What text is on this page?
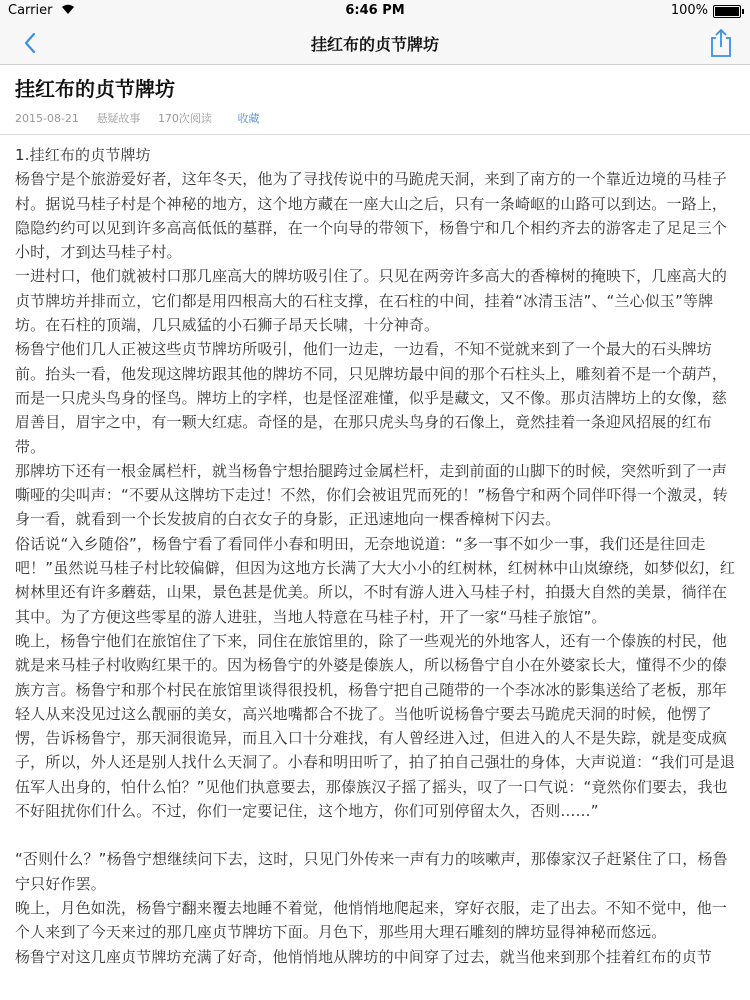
Carrier	6:46 PM	100%
挂红布的贞节牌坊
挂红布的贞节牌坊
2015-08-21 悬疑故事 170次阅读 收藏

1.挂红布的贞节牌坊

杨鲁宁是个旅游爱好者，这年冬天，他为了寻找传说中的马跪虎天洞，来到了南方的一个靠近边境的马桂子村。据说马桂子村是个神秘的地方，这个地方藏在一座大山之后，只有一条崎岖的山路可以到达。一路上，隐隐约约可以见到许多高高低低的墓群，在一个向导的带领下，杨鲁宁和几个相约齐去的游客走了足足三个小时，才到达马桂子村。

一进村口，他们就被村口那几座高大的牌坊吸引住了。只见在两旁许多高大的香樟树的掩映下，几座高大的贞节牌坊并排而立，它们都是用四根高大的石柱支撑，在石柱的中间，挂着“冰清玉洁”、“兰心似玉”等牌坊。在石柱的顶端，几只威猛的小石狮子昂天长啸，十分神奇。

杨鲁宁他们几人正被这些贞节牌坊所吸引，他们一边走，一边看，不知不觉就来到了一个最大的石头牌坊前。抬头一看，他发现这牌坊跟其他的牌坊不同，只见牌坊最中间的那个石柱头上，雕刻着不是一个葫芦，而是一只虎头鸟身的怪鸟。牌坊上的字样，也是怪涩难懂，似乎是藏文，又不像。那贞洁牌坊上的女像，慈眉善目，眉宇之中，有一颗大红痣。奇怪的是，在那只虎头鸟身的石像上，竟然挂着一条迎风招展的红布带。

那牌坊下还有一根金属栏杆，就当杨鲁宁想抬腿跨过金属栏杆，走到前面的山脚下的时候，突然听到了一声嘶哑的尖叫声：“不要从这牌坊下走过！不然，你们会被诅咒而死的！”杨鲁宁和两个同伴吓得一个激灵，转身一看，就看到一个长发披肩的白衣女子的身影，正迅速地向一棵香樟树下闪去。

俗话说“入乡随俗”，杨鲁宁看了看同伴小春和明田，无奈地说道：“多一事不如少一事，我们还是往回走吧！”虽然说马桂子村比较偏僻，但因为这地方长满了大大小小的红树林，红树林中山岚缭绕，如梦似幻，红树林里还有许多蘑菇，山果，景色甚是优美。所以，不时有游人进入马桂子村，拍摄大自然的美景，徜徉在其中。为了方便这些零星的游人进驻，当地人特意在马桂子村，开了一家“马桂子旅馆”。

晚上，杨鲁宁他们在旅馆住了下来，同住在旅馆里的，除了一些观光的外地客人，还有一个傣族的村民，他就是来马桂子村收购红果干的。因为杨鲁宁的外婆是傣族人，所以杨鲁宁自小在外婆家长大，懂得不少的傣族方言。杨鲁宁和那个村民在旅馆里谈得很投机，杨鲁宁把自己随带的一个李冰冰的影集送给了老板，那年轻人从来没见过这么靓丽的美女，高兴地嘴都合不拢了。当他听说杨鲁宁要去马跪虎天洞的时候，他愣了愣，告诉杨鲁宁，那天洞很诡异，而且入口十分难找，有人曾经进入过，但进入的人不是失踪，就是变成疯子，所以，外人还是别人找什么天洞了。小春和明田听了，拍了拍自己强壮的身体，大声说道：“我们可是退伍军人出身的，怕什么怕？”见他们执意要去，那傣族汉子摇了摇头，叹了一口气说：“竟然你们要去，我也不好阻扰你们什么。不过，你们一定要记住，这个地方，你们可别停留太久，否则……”

“否则什么？”杨鲁宁想继续问下去，这时，只见门外传来一声有力的咳嗽声，那傣家汉子赶紧住了口，杨鲁宁只好作罢。

晚上，月色如洗，杨鲁宁翻来覆去地睡不着觉，他悄悄地爬起来，穿好衣服，走了出去。不知不觉中，他一个人来到了今天来过的那几座贞节牌坊下面。月色下，那些用大理石雕刻的牌坊显得神秘而悠远。

杨鲁宁对这几座贞节牌坊充满了好奇，他悄悄地从牌坊的中间穿了过去，就当他来到那个挂着红布的贞节
